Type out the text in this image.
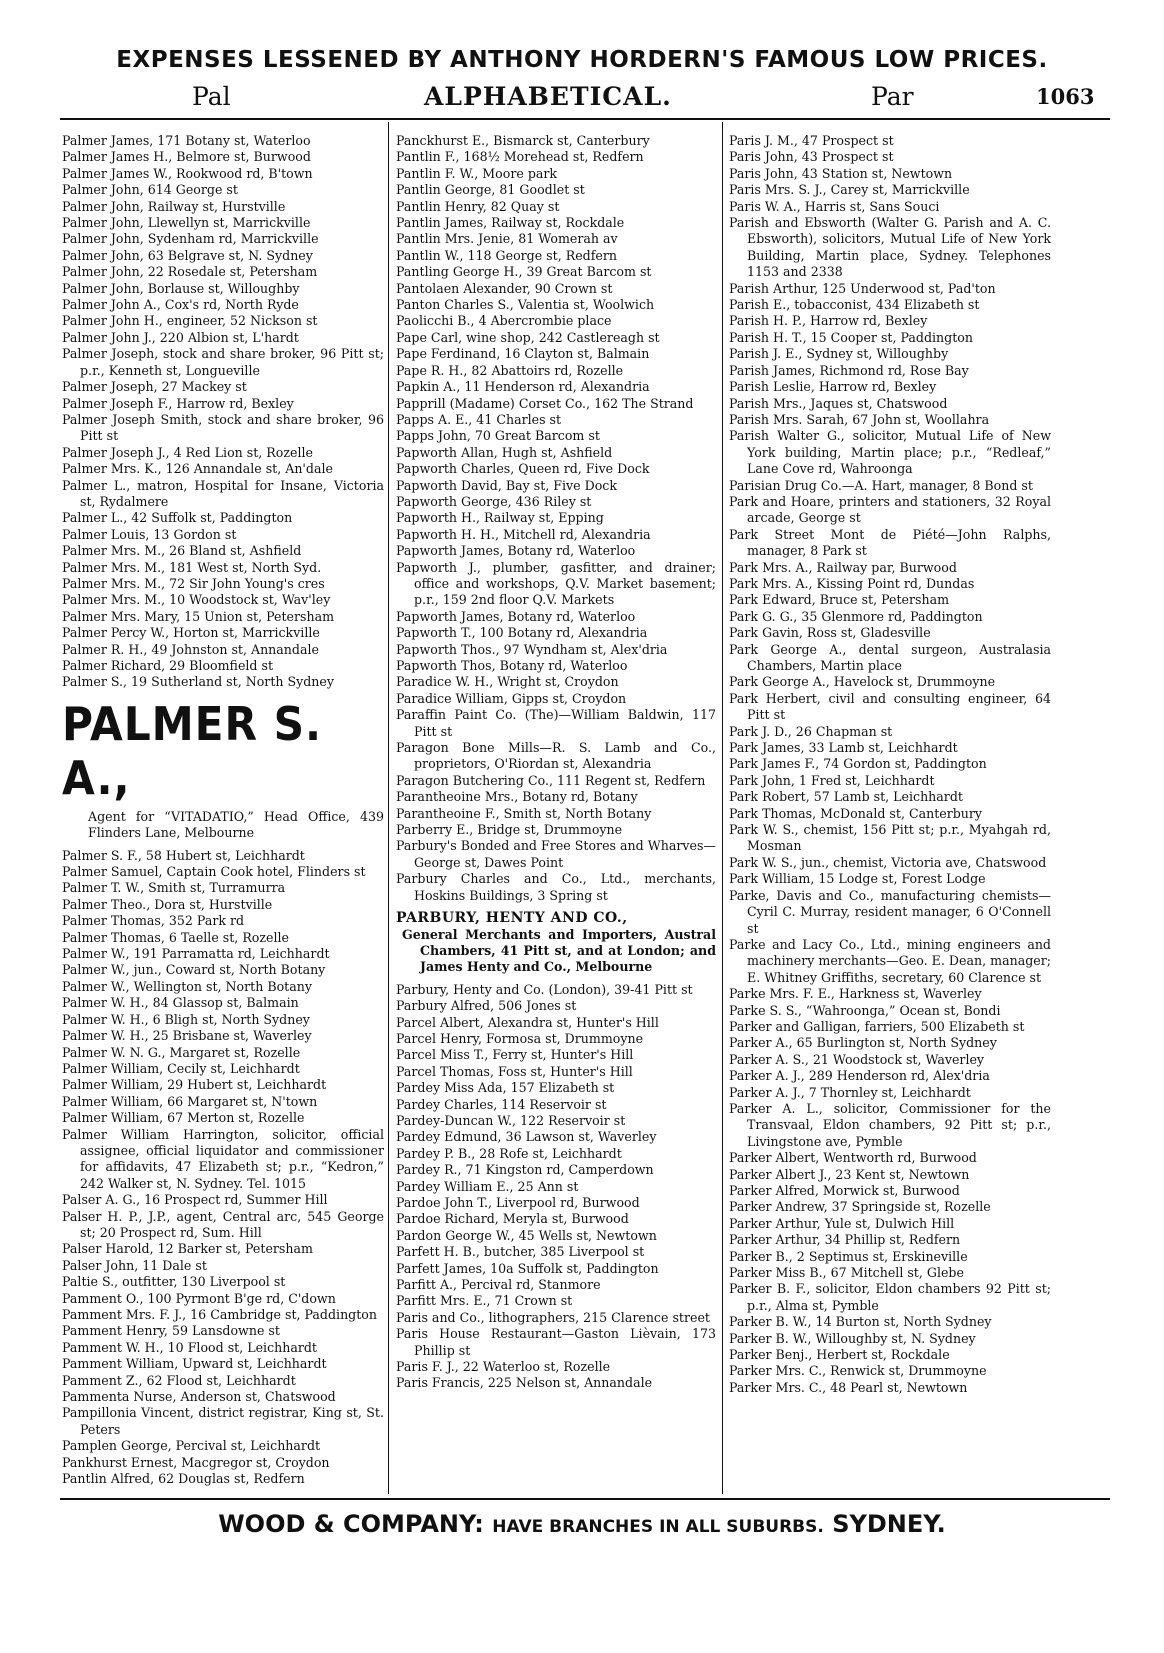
EXPENSES LESSENED BY ANTHONY HORDERN'S FAMOUS LOW PRICES.
Pal	ALPHABETICAL.	Par	1063

Palmer James, 171 Botany st, Waterloo

Palmer James H., Belmore st, Burwood

Palmer James W., Rookwood rd, B'town

Palmer John, 614 George st

Palmer John, Railway st, Hurstville

Palmer John, Llewellyn st, Marrickville

Palmer John, Sydenham rd, Marrickville

Palmer John, 63 Belgrave st, N. Sydney

Palmer John, 22 Rosedale st, Petersham

Palmer John, Borlause st, Willoughby

Palmer John A., Cox's rd, North Ryde

Palmer John H., engineer, 52 Nickson st

Palmer John J., 220 Albion st, L'hardt

Palmer Joseph, stock and share broker, 96 Pitt st; p.r., Kenneth st, Longueville

Palmer Joseph, 27 Mackey st

Palmer Joseph F., Harrow rd, Bexley

Palmer Joseph Smith, stock and share broker, 96 Pitt st

Palmer Joseph J., 4 Red Lion st, Rozelle

Palmer Mrs. K., 126 Annandale st, An'dale

Palmer L., matron, Hospital for Insane, Victoria st, Rydalmere

Palmer L., 42 Suffolk st, Paddington

Palmer Louis, 13 Gordon st

Palmer Mrs. M., 26 Bland st, Ashfield

Palmer Mrs. M., 181 West st, North Syd.

Palmer Mrs. M., 72 Sir John Young's cres

Palmer Mrs. M., 10 Woodstock st, Wav'ley

Palmer Mrs. Mary, 15 Union st, Petersham

Palmer Percy W., Horton st, Marrickville

Palmer R. H., 49 Johnston st, Annandale

Palmer Richard, 29 Bloomfield st

Palmer S., 19 Sutherland st, North Sydney

PALMER S. A.,

Agent for “VITADATIO,” Head Office, 439 Flinders Lane, Melbourne

Palmer S. F., 58 Hubert st, Leichhardt

Palmer Samuel, Captain Cook hotel, Flinders st

Palmer T. W., Smith st, Turramurra

Palmer Theo., Dora st, Hurstville

Palmer Thomas, 352 Park rd

Palmer Thomas, 6 Taelle st, Rozelle

Palmer W., 191 Parramatta rd, Leichhardt

Palmer W., jun., Coward st, North Botany

Palmer W., Wellington st, North Botany

Palmer W. H., 84 Glassop st, Balmain

Palmer W. H., 6 Bligh st, North Sydney

Palmer W. H., 25 Brisbane st, Waverley

Palmer W. N. G., Margaret st, Rozelle

Palmer William, Cecily st, Leichhardt

Palmer William, 29 Hubert st, Leichhardt

Palmer William, 66 Margaret st, N'town

Palmer William, 67 Merton st, Rozelle

Palmer William Harrington, solicitor, official assignee, official liquidator and commissioner for affidavits, 47 Elizabeth st; p.r., “Kedron,” 242 Walker st, N. Sydney. Tel. 1015

Palser A. G., 16 Prospect rd, Summer Hill

Palser H. P., J.P., agent, Central arc, 545 George st; 20 Prospect rd, Sum. Hill

Palser Harold, 12 Barker st, Petersham

Palser John, 11 Dale st

Paltie S., outfitter, 130 Liverpool st

Pamment O., 100 Pyrmont B'ge rd, C'down

Pamment Mrs. F. J., 16 Cambridge st, Paddington

Pamment Henry, 59 Lansdowne st

Pamment W. H., 10 Flood st, Leichhardt

Pamment William, Upward st, Leichhardt

Pamment Z., 62 Flood st, Leichhardt

Pammenta Nurse, Anderson st, Chatswood

Pampillonia Vincent, district registrar, King st, St. Peters

Pamplen George, Percival st, Leichhardt

Pankhurst Ernest, Macgregor st, Croydon

Pantlin Alfred, 62 Douglas st, Redfern

Panckhurst E., Bismarck st, Canterbury

Pantlin F., 168½ Morehead st, Redfern

Pantlin F. W., Moore park

Pantlin George, 81 Goodlet st

Pantlin Henry, 82 Quay st

Pantlin James, Railway st, Rockdale

Pantlin Mrs. Jenie, 81 Womerah av

Pantlin W., 118 George st, Redfern

Pantling George H., 39 Great Barcom st

Pantolaen Alexander, 90 Crown st

Panton Charles S., Valentia st, Woolwich

Paolicchi B., 4 Abercrombie place

Pape Carl, wine shop, 242 Castlereagh st

Pape Ferdinand, 16 Clayton st, Balmain

Pape R. H., 82 Abattoirs rd, Rozelle

Papkin A., 11 Henderson rd, Alexandria

Papprill (Madame) Corset Co., 162 The Strand

Papps A. E., 41 Charles st

Papps John, 70 Great Barcom st

Papworth Allan, Hugh st, Ashfield

Papworth Charles, Queen rd, Five Dock

Papworth David, Bay st, Five Dock

Papworth George, 436 Riley st

Papworth H., Railway st, Epping

Papworth H. H., Mitchell rd, Alexandria

Papworth James, Botany rd, Waterloo

Papworth J., plumber, gasfitter, and drainer; office and workshops, Q.V. Market basement; p.r., 159 2nd floor Q.V. Markets

Papworth James, Botany rd, Waterloo

Papworth T., 100 Botany rd, Alexandria

Papworth Thos., 97 Wyndham st, Alex'dria

Papworth Thos, Botany rd, Waterloo

Paradice W. H., Wright st, Croydon

Paradice William, Gipps st, Croydon

Paraffin Paint Co. (The)—William Baldwin, 117 Pitt st

Paragon Bone Mills—R. S. Lamb and Co., proprietors, O'Riordan st, Alexandria

Paragon Butchering Co., 111 Regent st, Redfern

Parantheoine Mrs., Botany rd, Botany

Parantheoine F., Smith st, North Botany

Parberry E., Bridge st, Drummoyne

Parbury's Bonded and Free Stores and Wharves—George st, Dawes Point

Parbury Charles and Co., Ltd., merchants, Hoskins Buildings, 3 Spring st

PARBURY, HENTY AND CO.,

General Merchants and Importers, Austral Chambers, 41 Pitt st, and at London; and James Henty and Co., Melbourne

Parbury, Henty and Co. (London), 39-41 Pitt st

Parbury Alfred, 506 Jones st

Parcel Albert, Alexandra st, Hunter's Hill

Parcel Henry, Formosa st, Drummoyne

Parcel Miss T., Ferry st, Hunter's Hill

Parcel Thomas, Foss st, Hunter's Hill

Pardey Miss Ada, 157 Elizabeth st

Pardey Charles, 114 Reservoir st

Pardey-Duncan W., 122 Reservoir st

Pardey Edmund, 36 Lawson st, Waverley

Pardey P. B., 28 Rofe st, Leichhardt

Pardey R., 71 Kingston rd, Camperdown

Pardey William E., 25 Ann st

Pardoe John T., Liverpool rd, Burwood

Pardoe Richard, Meryla st, Burwood

Pardon George W., 45 Wells st, Newtown

Parfett H. B., butcher, 385 Liverpool st

Parfett James, 10a Suffolk st, Paddington

Parfitt A., Percival rd, Stanmore

Parfitt Mrs. E., 71 Crown st

Paris and Co., lithographers, 215 Clarence street

Paris House Restaurant—Gaston Lièvain, 173 Phillip st

Paris F. J., 22 Waterloo st, Rozelle

Paris Francis, 225 Nelson st, Annandale

Paris J. M., 47 Prospect st

Paris John, 43 Prospect st

Paris John, 43 Station st, Newtown

Paris Mrs. S. J., Carey st, Marrickville

Paris W. A., Harris st, Sans Souci

Parish and Ebsworth (Walter G. Parish and A. C. Ebsworth), solicitors, Mutual Life of New York Building, Martin place, Sydney. Telephones 1153 and 2338

Parish Arthur, 125 Underwood st, Pad'ton

Parish E., tobacconist, 434 Elizabeth st

Parish H. P., Harrow rd, Bexley

Parish H. T., 15 Cooper st, Paddington

Parish J. E., Sydney st, Willoughby

Parish James, Richmond rd, Rose Bay

Parish Leslie, Harrow rd, Bexley

Parish Mrs., Jaques st, Chatswood

Parish Mrs. Sarah, 67 John st, Woollahra

Parish Walter G., solicitor, Mutual Life of New York building, Martin place; p.r., “Redleaf,” Lane Cove rd, Wahroonga

Parisian Drug Co.—A. Hart, manager, 8 Bond st

Park and Hoare, printers and stationers, 32 Royal arcade, George st

Park Street Mont de Piété—John Ralphs, manager, 8 Park st

Park Mrs. A., Railway par, Burwood

Park Mrs. A., Kissing Point rd, Dundas

Park Edward, Bruce st, Petersham

Park G. G., 35 Glenmore rd, Paddington

Park Gavin, Ross st, Gladesville

Park George A., dental surgeon, Australasia Chambers, Martin place

Park George A., Havelock st, Drummoyne

Park Herbert, civil and consulting engineer, 64 Pitt st

Park J. D., 26 Chapman st

Park James, 33 Lamb st, Leichhardt

Park James F., 74 Gordon st, Paddington

Park John, 1 Fred st, Leichhardt

Park Robert, 57 Lamb st, Leichhardt

Park Thomas, McDonald st, Canterbury

Park W. S., chemist, 156 Pitt st; p.r., Myahgah rd, Mosman

Park W. S., jun., chemist, Victoria ave, Chatswood

Park William, 15 Lodge st, Forest Lodge

Parke, Davis and Co., manufacturing chemists—Cyril C. Murray, resident manager, 6 O'Connell st

Parke and Lacy Co., Ltd., mining engineers and machinery merchants—Geo. E. Dean, manager; E. Whitney Griffiths, secretary, 60 Clarence st

Parke Mrs. F. E., Harkness st, Waverley

Parke S. S., “Wahroonga,” Ocean st, Bondi

Parker and Galligan, farriers, 500 Elizabeth st

Parker A., 65 Burlington st, North Sydney

Parker A. S., 21 Woodstock st, Waverley

Parker A. J., 289 Henderson rd, Alex'dria

Parker A. J., 7 Thornley st, Leichhardt

Parker A. L., solicitor, Commissioner for the Transvaal, Eldon chambers, 92 Pitt st; p.r., Livingstone ave, Pymble

Parker Albert, Wentworth rd, Burwood

Parker Albert J., 23 Kent st, Newtown

Parker Alfred, Morwick st, Burwood

Parker Andrew, 37 Springside st, Rozelle

Parker Arthur, Yule st, Dulwich Hill

Parker Arthur, 34 Phillip st, Redfern

Parker B., 2 Septimus st, Erskineville

Parker Miss B., 67 Mitchell st, Glebe

Parker B. F., solicitor, Eldon chambers 92 Pitt st; p.r., Alma st, Pymble

Parker B. W., 14 Burton st, North Sydney

Parker B. W., Willoughby st, N. Sydney

Parker Benj., Herbert st, Rockdale

Parker Mrs. C., Renwick st, Drummoyne

Parker Mrs. C., 48 Pearl st, Newtown

WOOD & COMPANY: HAVE BRANCHES IN ALL SUBURBS. SYDNEY.
